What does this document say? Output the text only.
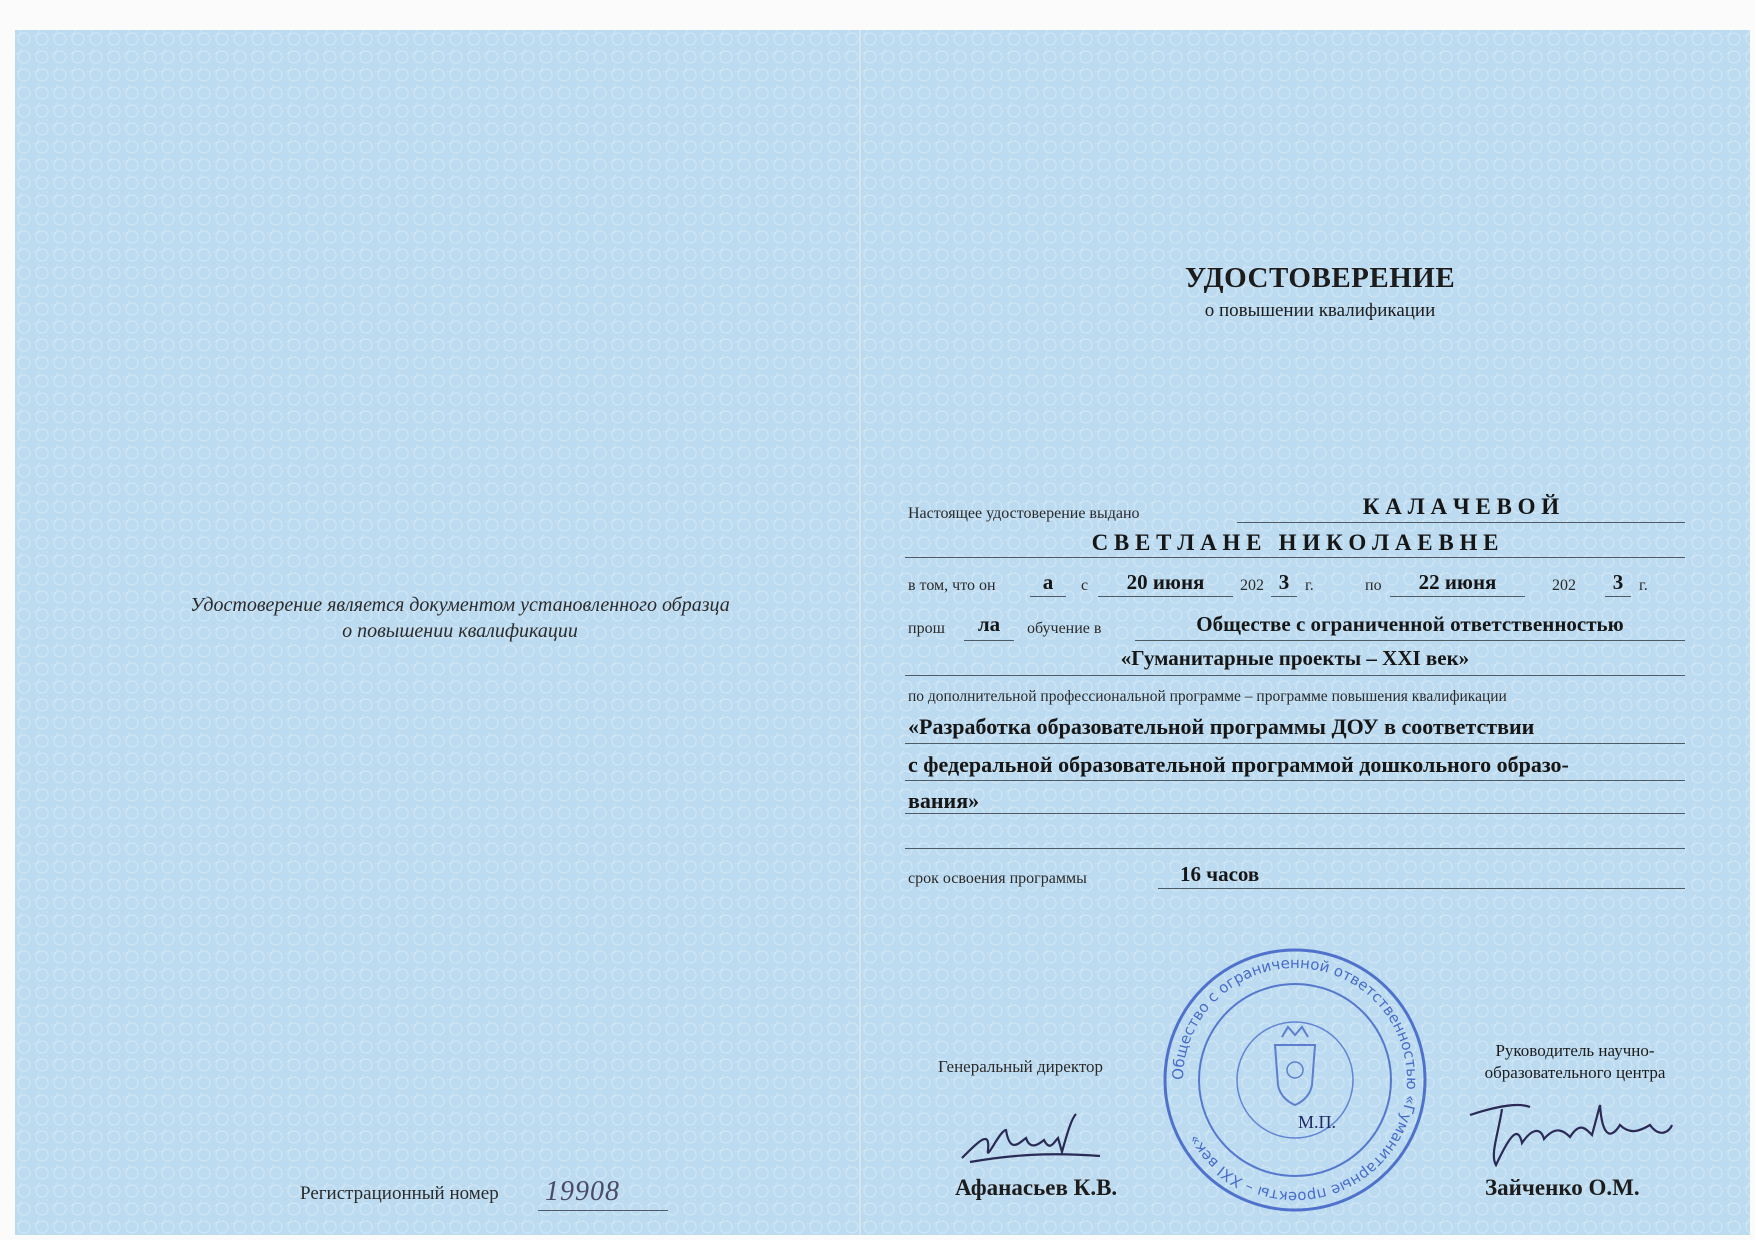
Удостоверение является документом установленного образца
о повышении квалификации
Регистрационный номер 19908
УДОСТОВЕРЕНИЕ
о повышении квалификации
Настоящее удостоверение выдано	К А Л А Ч Е В О Й
С В Е Т Л А Н Е   Н И К О Л А Е В Н Е
в том, что он	а	с	20 июня	202 3 г.	по	22 июня	202	3 г.
прош	ла	обучение в	Обществе с ограниченной ответственностью
«Гуманитарные проекты – XXI век»
по дополнительной профессиональной программе – программе повышения квалификации
«Разработка образовательной программы ДОУ в соответствии
с федеральной образовательной программой дошкольного образо-
вания»
срок освоения программы	16 часов
Генеральный директор
Афанасьев К.В.
Руководитель научно-
образовательного центра
Зайченко О.М.
Общество с ограниченной ответственностью «Гуманитарные проекты – XXI век»
М.П.
